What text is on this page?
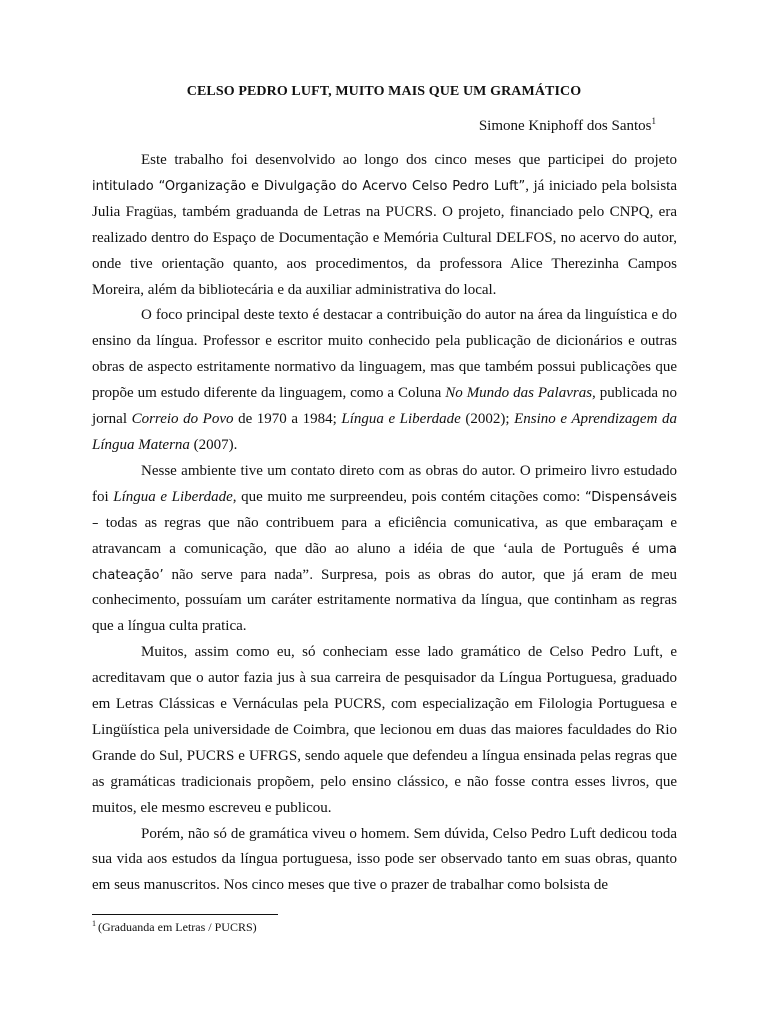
CELSO PEDRO LUFT, MUITO MAIS QUE UM GRAMÁTICO
Simone Kniphoff dos Santos$^1$

Este trabalho foi desenvolvido ao longo dos cinco meses que participei do projeto intitulado “Organização e Divulgação do Acervo Celso Pedro Luft”, já iniciado pela bolsista Julia Fragüas, também graduanda de Letras na PUCRS. O projeto, financiado pelo CNPQ, era realizado dentro do Espaço de Documentação e Memória Cultural DELFOS, no acervo do autor, onde tive orientação quanto, aos procedimentos, da professora Alice Therezinha Campos Moreira, além da bibliotecária e da auxiliar administrativa do local.

O foco principal deste texto é destacar a contribuição do autor na área da linguística e do ensino da língua. Professor e escritor muito conhecido pela publicação de dicionários e outras obras de aspecto estritamente normativo da linguagem, mas que também possui publicações que propõe um estudo diferente da linguagem, como a Coluna No Mundo das Palavras, publicada no jornal Correio do Povo de 1970 a 1984; Língua e Liberdade (2002); Ensino e Aprendizagem da Língua Materna (2007).

Nesse ambiente tive um contato direto com as obras do autor. O primeiro livro estudado foi Língua e Liberdade, que muito me surpreendeu, pois contém citações como: “Dispensáveis – todas as regras que não contribuem para a eficiência comunicativa, as que embaraçam e atravancam a comunicação, que dão ao aluno a idéia de que ‘aula de Português é uma chateação’ não serve para nada”. Surpresa, pois as obras do autor, que já eram de meu conhecimento, possuíam um caráter estritamente normativa da língua, que continham as regras que a língua culta pratica.

Muitos, assim como eu, só conheciam esse lado gramático de Celso Pedro Luft, e acreditavam que o autor fazia jus à sua carreira de pesquisador da Língua Portuguesa, graduado em Letras Clássicas e Vernáculas pela PUCRS, com especialização em Filologia Portuguesa e Lingüística pela universidade de Coimbra, que lecionou em duas das maiores faculdades do Rio Grande do Sul, PUCRS e UFRGS, sendo aquele que defendeu a língua ensinada pelas regras que as gramáticas tradicionais propõem, pelo ensino clássico, e não fosse contra esses livros, que muitos, ele mesmo escreveu e publicou.

Porém, não só de gramática viveu o homem. Sem dúvida, Celso Pedro Luft dedicou toda sua vida aos estudos da língua portuguesa, isso pode ser observado tanto em suas obras, quanto em seus manuscritos. Nos cinco meses que tive o prazer de trabalhar como bolsista de

$^1$ (Graduanda em Letras / PUCRS)
